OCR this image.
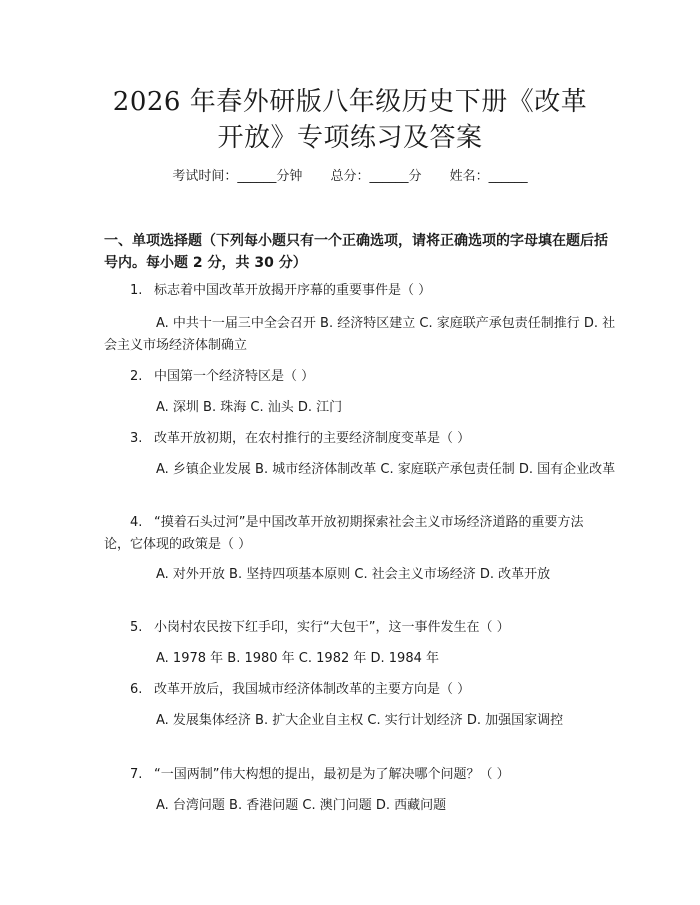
2026 年春外研版八年级历史下册《改革开放》专项练习及答案
考试时间：______分钟 总分：______分 姓名：______
一、单项选择题（下列每小题只有一个正确选项，请将正确选项的字母填在题后括号内。每小题 2 分，共 30 分）
1. 标志着中国改革开放揭开序幕的重要事件是（ ）
A. 中共十一届三中全会召开 B. 经济特区建立 C. 家庭联产承包责任制推行 D. 社会主义市场经济体制确立
2. 中国第一个经济特区是（ ）
A. 深圳 B. 珠海 C. 汕头 D. 江门
3. 改革开放初期，在农村推行的主要经济制度变革是（ ）
A. 乡镇企业发展 B. 城市经济体制改革 C. 家庭联产承包责任制 D. 国有企业改革
4. “摸着石头过河”是中国改革开放初期探索社会主义市场经济道路的重要方法论，它体现的政策是（ ）
A. 对外开放 B. 坚持四项基本原则 C. 社会主义市场经济 D. 改革开放
5. 小岗村农民按下红手印，实行“大包干”，这一事件发生在（ ）
A. 1978 年 B. 1980 年 C. 1982 年 D. 1984 年
6. 改革开放后，我国城市经济体制改革的主要方向是（ ）
A. 发展集体经济 B. 扩大企业自主权 C. 实行计划经济 D. 加强国家调控
7. “一国两制”伟大构想的提出，最初是为了解决哪个问题？（ ）
A. 台湾问题 B. 香港问题 C. 澳门问题 D. 西藏问题
